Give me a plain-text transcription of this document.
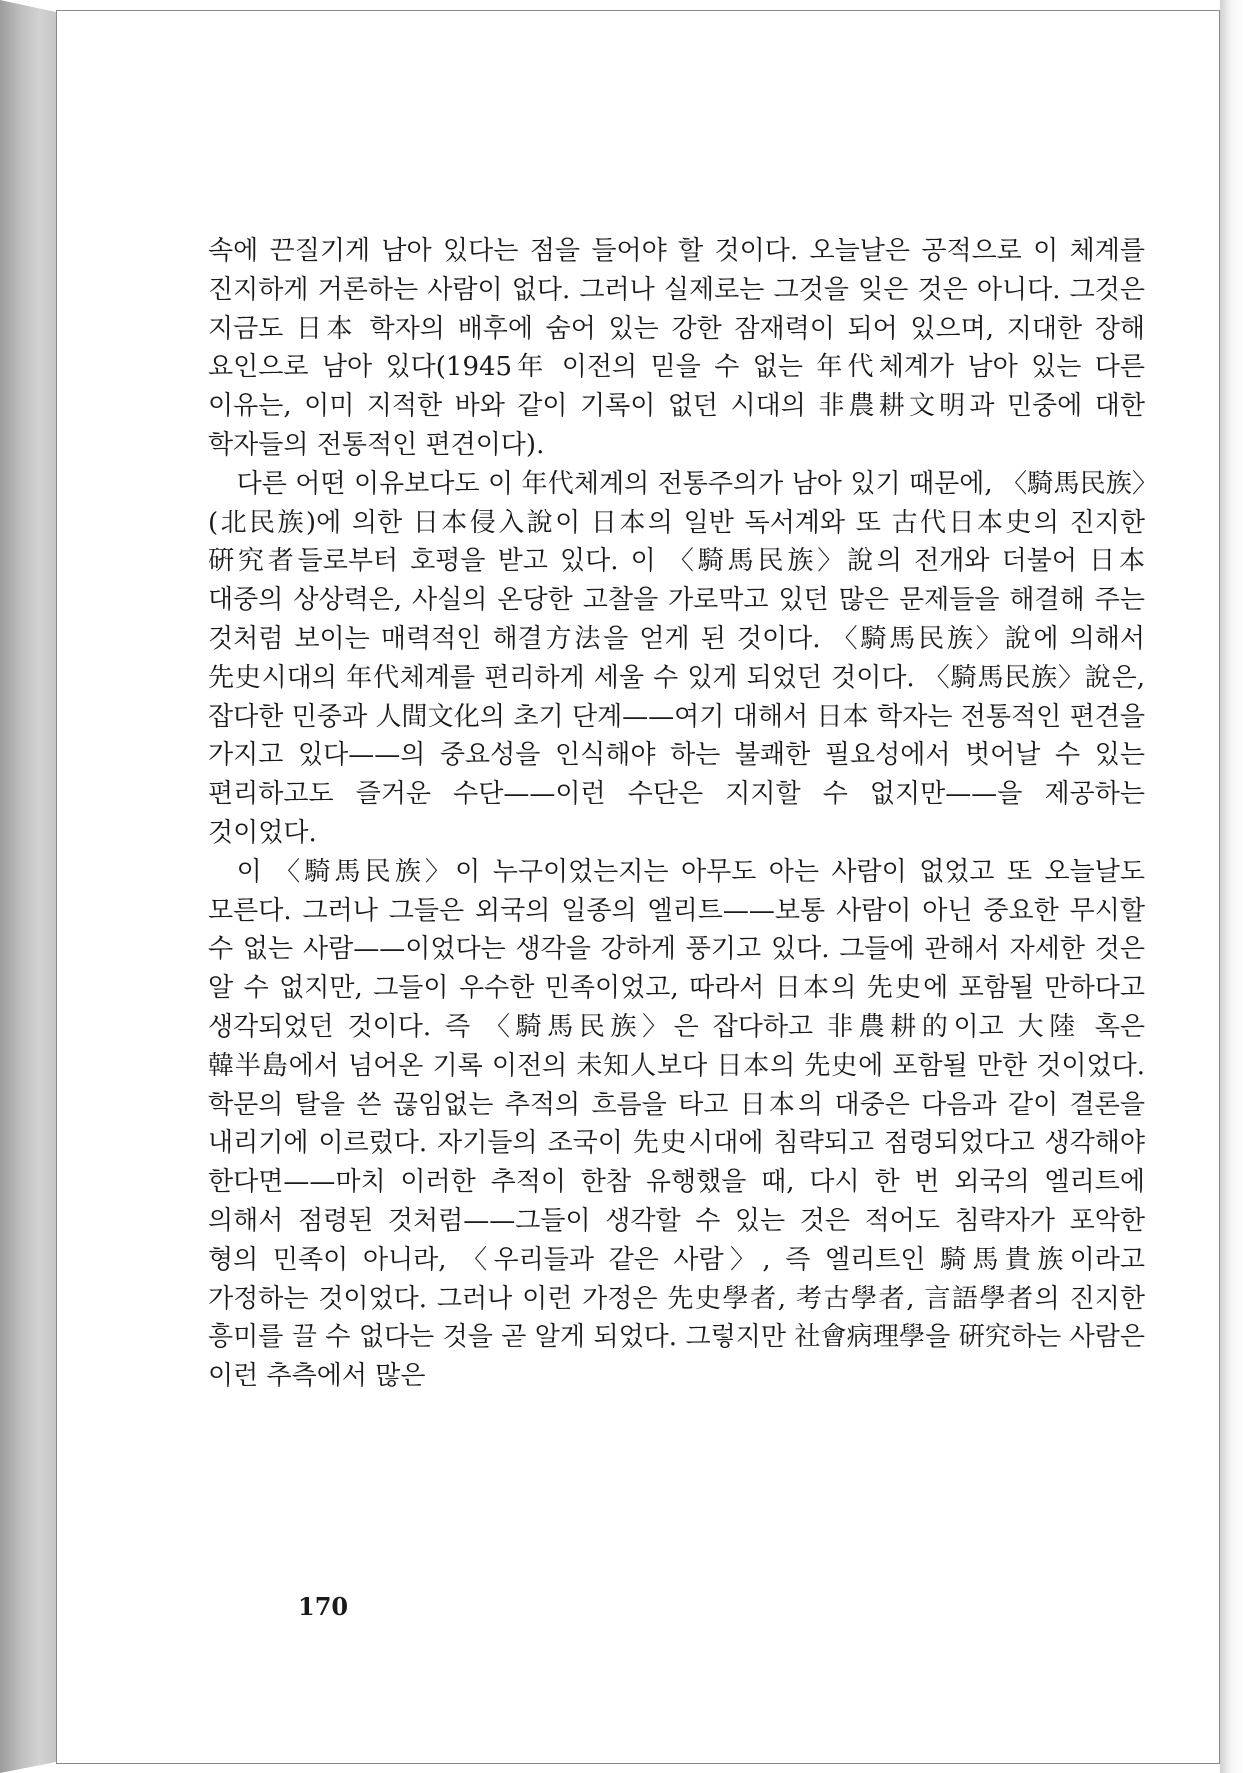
속에 끈질기게 남아 있다는 점을 들어야 할 것이다. 오늘날은 공적으로 이 체계를 진지하게 거론하는 사람이 없다. 그러나 실제로는 그것을 잊은 것은 아니다. 그것은 지금도 日本 학자의 배후에 숨어 있는 강한 잠재력이 되어 있으며, 지대한 장해 요인으로 남아 있다(1945年 이전의 믿을 수 없는 年代체계가 남아 있는 다른 이유는, 이미 지적한 바와 같이 기록이 없던 시대의 非農耕文明과 민중에 대한 학자들의 전통적인 편견이다).

다른 어떤 이유보다도 이 年代체계의 전통주의가 남아 있기 때문에, 〈騎馬民族〉(北民族)에 의한 日本侵入說이 日本의 일반 독서계와 또 古代日本史의 진지한 硏究者들로부터 호평을 받고 있다. 이 〈騎馬民族〉說의 전개와 더불어 日本 대중의 상상력은, 사실의 온당한 고찰을 가로막고 있던 많은 문제들을 해결해 주는 것처럼 보이는 매력적인 해결方法을 얻게 된 것이다. 〈騎馬民族〉說에 의해서 先史시대의 年代체계를 편리하게 세울 수 있게 되었던 것이다. 〈騎馬民族〉說은, 잡다한 민중과 人間文化의 초기 단계——여기 대해서 日本 학자는 전통적인 편견을 가지고 있다——의 중요성을 인식해야 하는 불쾌한 필요성에서 벗어날 수 있는 편리하고도 즐거운 수단——이런 수단은 지지할 수 없지만——을 제공하는 것이었다.

이 〈騎馬民族〉이 누구이었는지는 아무도 아는 사람이 없었고 또 오늘날도 모른다. 그러나 그들은 외국의 일종의 엘리트——보통 사람이 아닌 중요한 무시할 수 없는 사람——이었다는 생각을 강하게 풍기고 있다. 그들에 관해서 자세한 것은 알 수 없지만, 그들이 우수한 민족이었고, 따라서 日本의 先史에 포함될 만하다고 생각되었던 것이다. 즉 〈騎馬民族〉은 잡다하고 非農耕的이고 大陸 혹은 韓半島에서 넘어온 기록 이전의 未知人보다 日本의 先史에 포함될 만한 것이었다. 학문의 탈을 쓴 끊임없는 추적의 흐름을 타고 日本의 대중은 다음과 같이 결론을 내리기에 이르렀다. 자기들의 조국이 先史시대에 침략되고 점령되었다고 생각해야 한다면——마치 이러한 추적이 한참 유행했을 때, 다시 한 번 외국의 엘리트에 의해서 점령된 것처럼——그들이 생각할 수 있는 것은 적어도 침략자가 포악한 형의 민족이 아니라, 〈우리들과 같은 사람〉, 즉 엘리트인 騎馬貴族이라고 가정하는 것이었다. 그러나 이런 가정은 先史學者, 考古學者, 言語學者의 진지한 흥미를 끌 수 없다는 것을 곧 알게 되었다. 그렇지만 社會病理學을 硏究하는 사람은 이런 추측에서 많은

170
